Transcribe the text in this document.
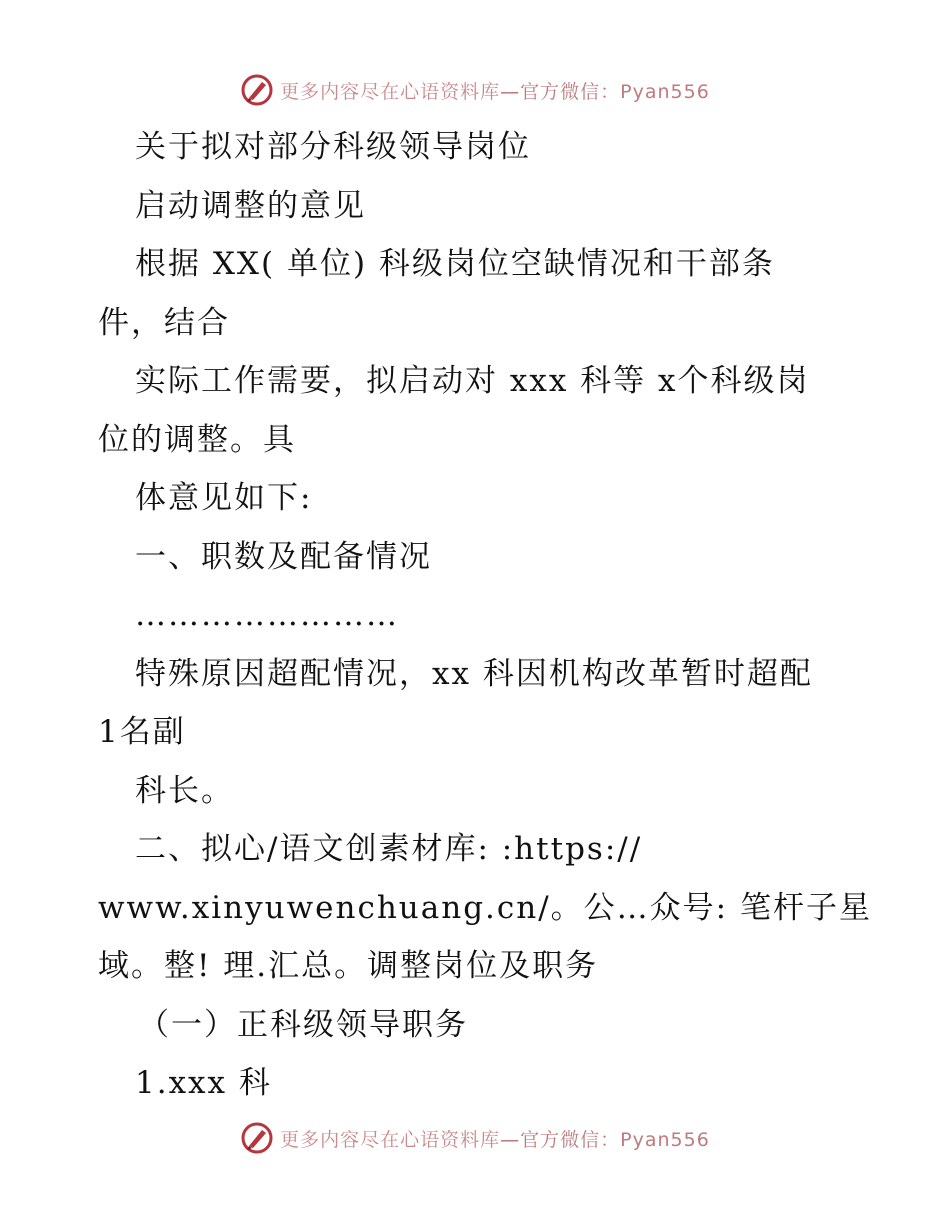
更多内容尽在心语资料库—官方微信：Pyan556

关于拟对部分科级领导岗位

启动调整的意见

根据 XX( 单位) 科级岗位空缺情况和干部条

件，结合

实际工作需要，拟启动对 xxx 科等 x个科级岗

位的调整。具

体意见如下:

一、职数及配备情况

……………………

特殊原因超配情况，xx 科因机构改革暂时超配

1名副

科长。

二、拟心/语文创素材库: :https://

www.xinyuwenchuang.cn/。公…众号: 笔杆子星

域。整! 理.汇总。调整岗位及职务

（一）正科级领导职务

1.xxx 科

更多内容尽在心语资料库—官方微信：Pyan556
